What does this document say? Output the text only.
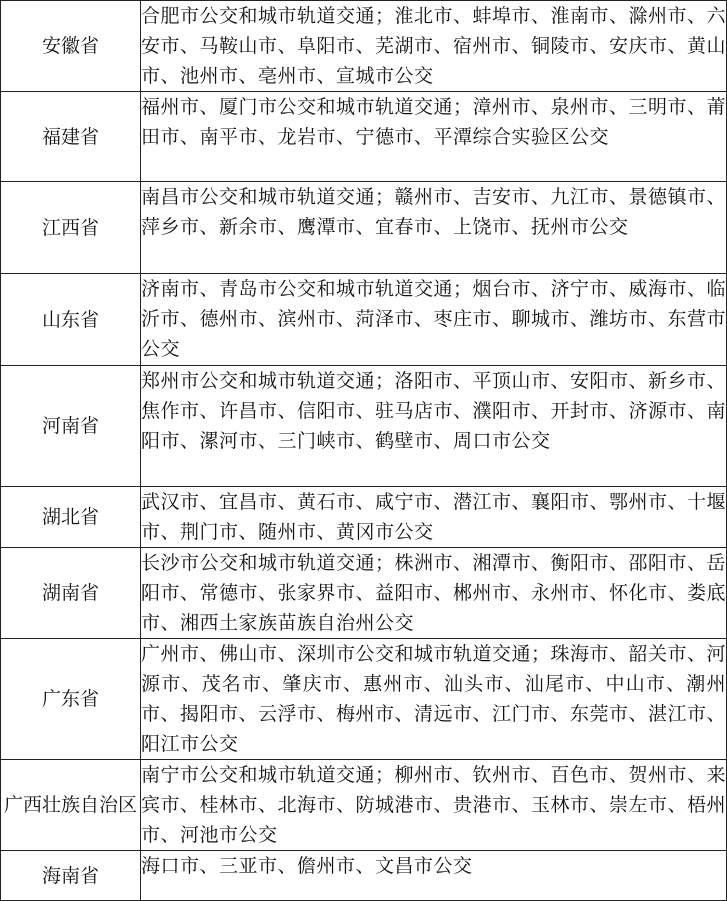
安徽省	合肥市公交和城市轨道交通；淮北市、蚌埠市、淮南市、滁州市、六安市、马鞍山市、阜阳市、芜湖市、宿州市、铜陵市、安庆市、黄山市、池州市、亳州市、宣城市公交
福建省	福州市、厦门市公交和城市轨道交通；漳州市、泉州市、三明市、莆田市、南平市、龙岩市、宁德市、平潭综合实验区公交
江西省	南昌市公交和城市轨道交通；赣州市、吉安市、九江市、景德镇市、萍乡市、新余市、鹰潭市、宜春市、上饶市、抚州市公交
山东省	济南市、青岛市公交和城市轨道交通；烟台市、济宁市、威海市、临沂市、德州市、滨州市、菏泽市、枣庄市、聊城市、潍坊市、东营市公交
河南省	郑州市公交和城市轨道交通；洛阳市、平顶山市、安阳市、新乡市、焦作市、许昌市、信阳市、驻马店市、濮阳市、开封市、济源市、南阳市、漯河市、三门峡市、鹤壁市、周口市公交
湖北省	武汉市、宜昌市、黄石市、咸宁市、潜江市、襄阳市、鄂州市、十堰市、荆门市、随州市、黄冈市公交
湖南省	长沙市公交和城市轨道交通；株洲市、湘潭市、衡阳市、邵阳市、岳阳市、常德市、张家界市、益阳市、郴州市、永州市、怀化市、娄底市、湘西土家族苗族自治州公交
广东省	广州市、佛山市、深圳市公交和城市轨道交通；珠海市、韶关市、河源市、茂名市、肇庆市、惠州市、汕头市、汕尾市、中山市、潮州市、揭阳市、云浮市、梅州市、清远市、江门市、东莞市、湛江市、阳江市公交
广西壮族自治区	南宁市公交和城市轨道交通；柳州市、钦州市、百色市、贺州市、来宾市、桂林市、北海市、防城港市、贵港市、玉林市、崇左市、梧州市、河池市公交
海南省	海口市、三亚市、儋州市、文昌市公交
